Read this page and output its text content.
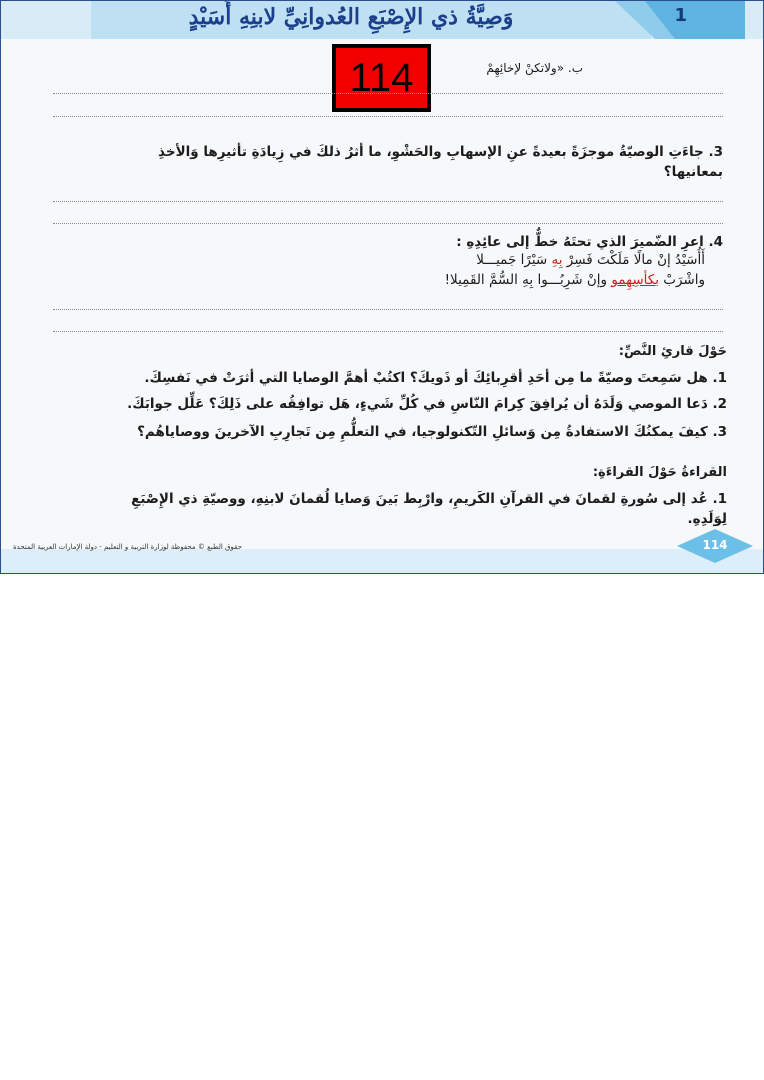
1
وَصِيَّةُ ذي الإِصْبَعِ العُدوانِيِّ لابنِهِ أُسَيْدٍ
114	ب. «ولاتكنْ لإخائِهِمْ
3. جاءَتِ الوصيّةُ موجزَةً بعيدةً عنِ الإسهابِ والحَشْوِ، ما أثرُ ذلكَ في زِيادَةِ تأثيرِها وَالأخذِ
بمعانيها؟
4. اعرِ الضّميرَ الذي تحتَهُ خطٌّ إلى عائِدِهِ :
أَأُسَيْدُ إنْ مالًا مَلَكْتَ فَسِرْ بِهِ سَيْرًا جَميـــلا
واشْرَبْ بكأسِهِمو وإنْ شَرِبُـــوا بِهِ السُّمَّ القَمِيلا!
حَوْلَ قارئِ النَّصِّ:
1. هل سَمِعتَ وصيّةً ما مِن أحَدِ أقرِبائِكَ أو ذَويكَ؟ اكتُبْ أهمَّ الوصايا التي أثرَتْ في نَفسِكَ.
2. دَعا الموصي وَلَدَهُ أن يُرافِقَ كِرامَ النّاسِ في كُلِّ شَيءٍ، هَل توافِقُه على ذَلِكَ؟ عَلِّل جوابَكَ.
3. كيفَ يمكنُكَ الاستفادةُ مِن وَسائلِ التّكنولوجيا، في التعلُّمِ مِن تَجارِبِ الآخرينَ ووصاياهُم؟
القراءةُ حَوْلَ القراءَةِ:
1. عُد إلى سُورةِ لقمانَ في القرآنِ الكَريمِ، وارْبِط بَينَ وَصايا لُقمانَ لابنِهِ، ووصيّةِ ذي الإِصْبَعِ
لِوَلَدِهِ.
حقوق الطبع © محفوظة لوزارة التربية و التعليم - دولة الإمارات العربية المتحدة	114
